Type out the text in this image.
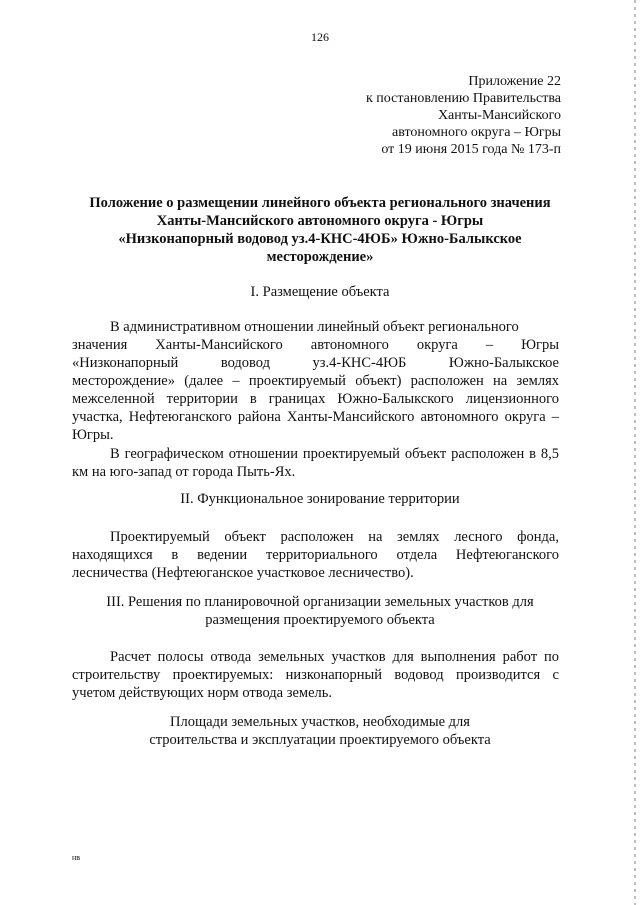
126
Приложение 22
к постановлению Правительства
Ханты-Мансийского
автономного округа – Югры
от 19 июня 2015 года № 173-п
Положение о размещении линейного объекта регионального значения
Ханты-Мансийского автономного округа - Югры
«Низконапорный водовод уз.4-КНС-4ЮБ» Южно-Балыкское
месторождение»
I. Размещение объекта
В административном отношении линейный объект регионального
значения Ханты-Мансийского автономного округа – Югры
«Низконапорный водовод уз.4-КНС-4ЮБ Южно-Балыкское
месторождение» (далее – проектируемый объект) расположен на землях межселенной территории в границах Южно-Балыкского лицензионного участка, Нефтеюганского района Ханты-Мансийского автономного округа – Югры.
В географическом отношении проектируемый объект расположен в 8,5 км на юго-запад от города Пыть-Ях.
II. Функциональное зонирование территории
Проектируемый объект расположен на землях лесного фонда, находящихся в ведении территориального отдела Нефтеюганского лесничества (Нефтеюганское участковое лесничество).
III. Решения по планировочной организации земельных участков для
размещения проектируемого объекта
Расчет полосы отвода земельных участков для выполнения работ по строительству проектируемых: низконапорный водовод производится с учетом действующих норм отвода земель.
Площади земельных участков, необходимые для
строительства и эксплуатации проектируемого объекта
нв
